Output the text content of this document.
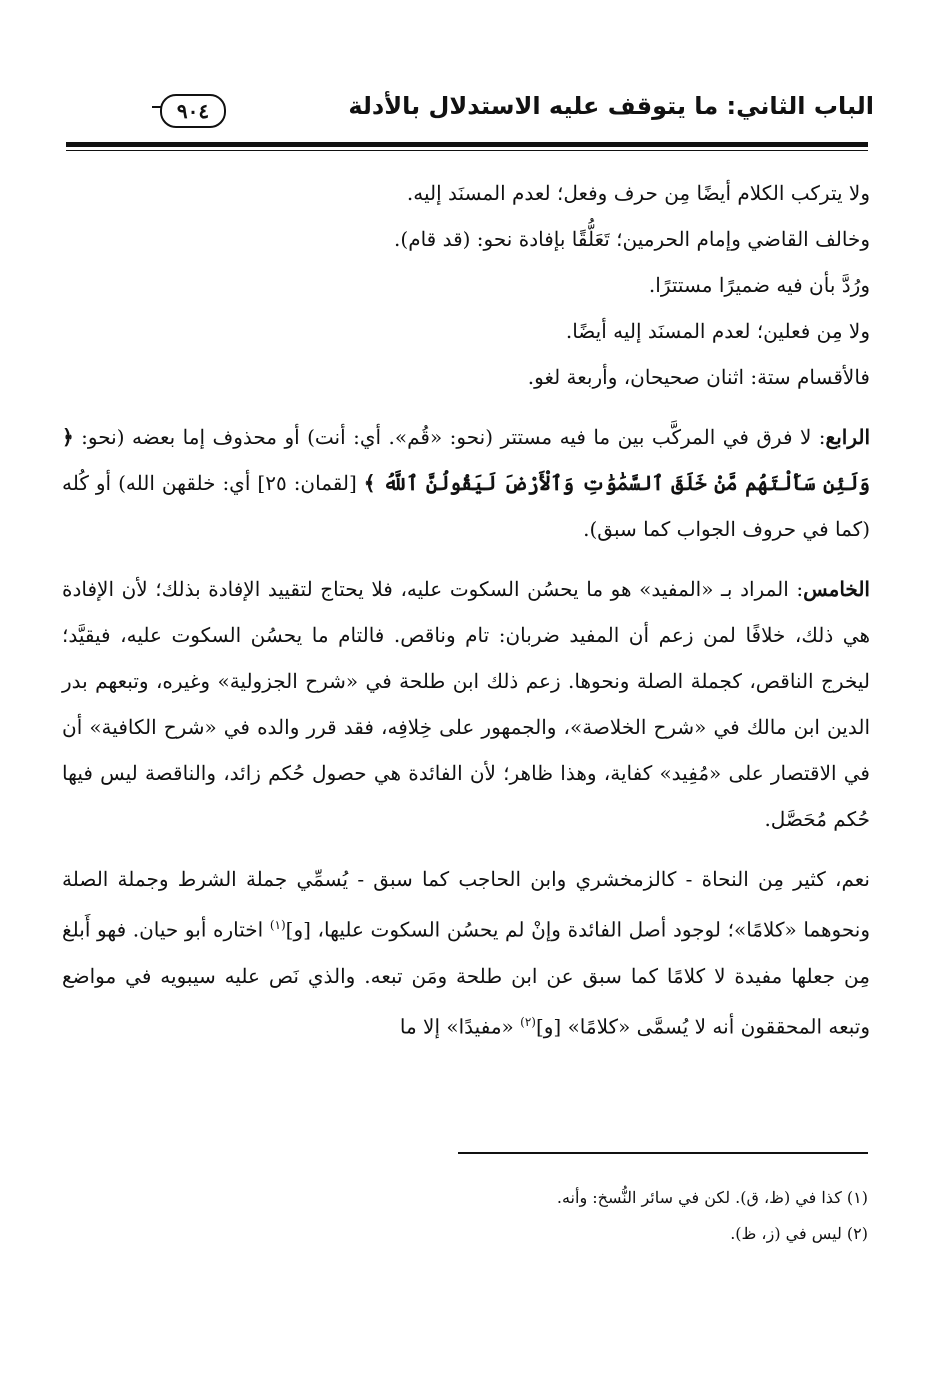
الباب الثاني: ما يتوقف عليه الاستدلال بالأدلة
٩٠٤

ولا يتركب الكلام أيضًا مِن حرف وفعل؛ لعدم المسنَد إليه.

وخالف القاضي وإمام الحرمين؛ تَعَلُّقًا بإفادة نحو: (قد قام).

ورُدَّ بأن فيه ضميرًا مستترًا.

ولا مِن فعلين؛ لعدم المسنَد إليه أيضًا.

فالأقسام ستة: اثنان صحيحان، وأربعة لغو.

الرابع: لا فرق في المركَّب بين ما فيه مستتر (نحو: «قُم». أي: أنت) أو محذوف إما بعضه (نحو: ﴿ وَلَئِن سَأَلْتَهُم مَّنْ خَلَقَ ٱلسَّمَٰوَٰتِ وَٱلْأَرْضَ لَيَقُولُنَّ ٱللَّهُ ﴾ [لقمان: ٢٥] أي: خلقهن الله) أو كُله (كما في حروف الجواب كما سبق).

الخامس: المراد بـ «المفيد» هو ما يحسُن السكوت عليه، فلا يحتاج لتقييد الإفادة بذلك؛ لأن الإفادة هي ذلك، خلافًا لمن زعم أن المفيد ضربان: تام وناقص. فالتام ما يحسُن السكوت عليه، فيقيَّد؛ ليخرج الناقص، كجملة الصلة ونحوها. زعم ذلك ابن طلحة في «شرح الجزولية» وغيره، وتبعهم بدر الدين ابن مالك في «شرح الخلاصة»، والجمهور على خِلافِه، فقد قرر والده في «شرح الكافية» أن في الاقتصار على «مُفِيد» كفاية، وهذا ظاهر؛ لأن الفائدة هي حصول حُكم زائد، والناقصة ليس فيها حُكم مُحَصَّل.

نعم، كثير مِن النحاة - كالزمخشري وابن الحاجب كما سبق - يُسمِّي جملة الشرط وجملة الصلة ونحوهما «كلامًا»؛ لوجود أصل الفائدة وإنْ لم يحسُن السكوت عليها، [و]$^{(١)}$ اختاره أبو حيان. فهو أَبلغ مِن جعلها مفيدة لا كلامًا كما سبق عن ابن طلحة ومَن تبعه. والذي نَص عليه سيبويه في مواضع وتبعه المحققون أنه لا يُسمَّى «كلامًا» [و]$^{(٢)}$ «مفيدًا» إلا ما

(١) كذا في (ظ، ق). لكن في سائر النُّسخ: وأنه.

(٢) ليس في (ز، ظ).
